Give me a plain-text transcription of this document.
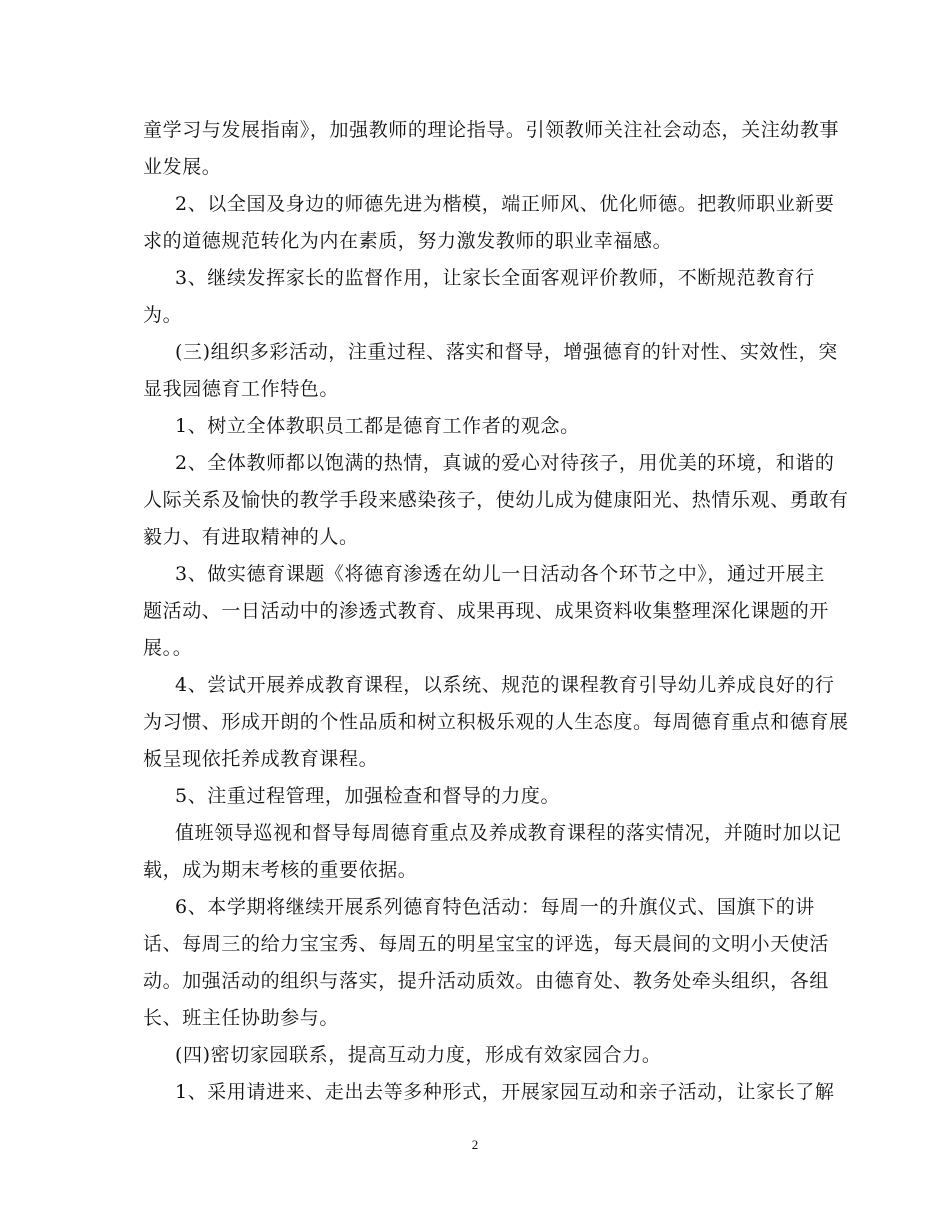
童学习与发展指南》，加强教师的理论指导。引领教师关注社会动态，关注幼教事
业发展。
2、以全国及身边的师德先进为楷模，端正师风、优化师德。把教师职业新要
求的道德规范转化为内在素质，努力激发教师的职业幸福感。
3、继续发挥家长的监督作用，让家长全面客观评价教师，不断规范教育行
为。
(三)组织多彩活动，注重过程、落实和督导，增强德育的针对性、实效性，突
显我园德育工作特色。
1、树立全体教职员工都是德育工作者的观念。
2、全体教师都以饱满的热情，真诚的爱心对待孩子，用优美的环境，和谐的
人际关系及愉快的教学手段来感染孩子，使幼儿成为健康阳光、热情乐观、勇敢有
毅力、有进取精神的人。
3、做实德育课题《将德育渗透在幼儿一日活动各个环节之中》，通过开展主
题活动、一日活动中的渗透式教育、成果再现、成果资料收集整理深化课题的开
展。。
4、尝试开展养成教育课程，以系统、规范的课程教育引导幼儿养成良好的行
为习惯、形成开朗的个性品质和树立积极乐观的人生态度。每周德育重点和德育展
板呈现依托养成教育课程。
5、注重过程管理，加强检查和督导的力度。
值班领导巡视和督导每周德育重点及养成教育课程的落实情况，并随时加以记
载，成为期末考核的重要依据。
6、本学期将继续开展系列德育特色活动：每周一的升旗仪式、国旗下的讲
话、每周三的给力宝宝秀、每周五的明星宝宝的评选，每天晨间的文明小天使活
动。加强活动的组织与落实，提升活动质效。由德育处、教务处牵头组织，各组
长、班主任协助参与。
(四)密切家园联系，提高互动力度，形成有效家园合力。
1、采用请进来、走出去等多种形式，开展家园互动和亲子活动，让家长了解
2
